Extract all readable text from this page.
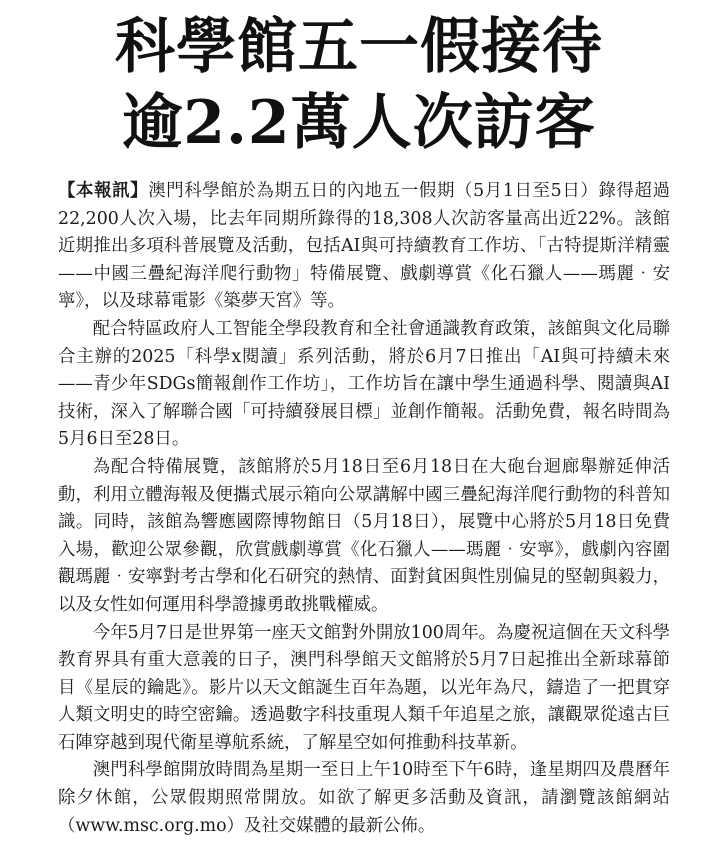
科學館五一假接待
逾2.2萬人次訪客

【本報訊】澳門科學館於為期五日的內地五一假期（5月1日至5日）錄得超過22,200人次入場，比去年同期所錄得的18,308人次訪客量高出近22%。該館近期推出多項科普展覽及活動，包括AI與可持續教育工作坊、「古特提斯洋精靈——中國三疊紀海洋爬行動物」特備展覽、戲劇導賞《化石獵人——瑪麗‧安寧》，以及球幕電影《築夢天宮》等。

配合特區政府人工智能全學段教育和全社會通識教育政策，該館與文化局聯合主辦的2025「科學x閱讀」系列活動，將於6月7日推出「AI與可持續未來——青少年SDGs簡報創作工作坊」，工作坊旨在讓中學生通過科學、閱讀與AI技術，深入了解聯合國「可持續發展目標」並創作簡報。活動免費，報名時間為5月6日至28日。

為配合特備展覽，該館將於5月18日至6月18日在大砲台迴廊舉辦延伸活動，利用立體海報及便攜式展示箱向公眾講解中國三疊紀海洋爬行動物的科普知識。同時，該館為響應國際博物館日（5月18日），展覽中心將於5月18日免費入場，歡迎公眾參觀，欣賞戲劇導賞《化石獵人——瑪麗‧安寧》，戲劇內容圍觀瑪麗‧安寧對考古學和化石研究的熱情、面對貧困與性別偏見的堅韌與毅力，以及女性如何運用科學證據勇敢挑戰權威。

今年5月7日是世界第一座天文館對外開放100周年。為慶祝這個在天文科學教育界具有重大意義的日子，澳門科學館天文館將於5月7日起推出全新球幕節目《星辰的鑰匙》。影片以天文館誕生百年為題，以光年為尺，鑄造了一把貫穿人類文明史的時空密鑰。透過數字科技重現人類千年追星之旅，讓觀眾從遠古巨石陣穿越到現代衛星導航系統，了解星空如何推動科技革新。

澳門科學館開放時間為星期一至日上午10時至下午6時，逢星期四及農曆年除夕休館，公眾假期照常開放。如欲了解更多活動及資訊，請瀏覽該館網站（www.msc.org.mo）及社交媒體的最新公佈。
